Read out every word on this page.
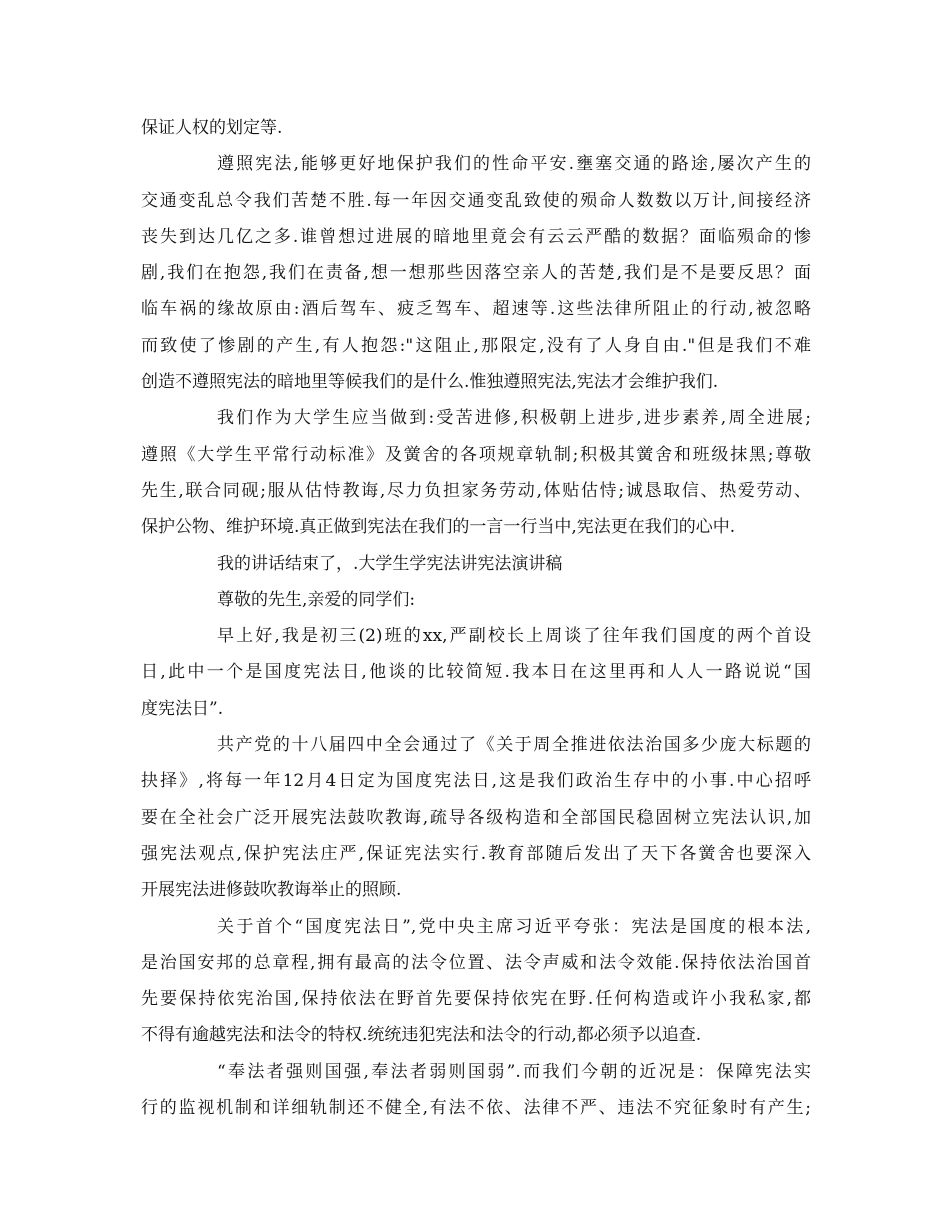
保证人权的划定等.
遵照宪法,能够更好地保护我们的性命平安.壅塞交通的路途,屡次产生的
交通变乱总令我们苦楚不胜.每一年因交通变乱致使的殒命人数数以万计,间接经济
丧失到达几亿之多.谁曾想过进展的暗地里竟会有云云严酷的数据？面临殒命的惨
剧,我们在抱怨,我们在责备,想一想那些因落空亲人的苦楚,我们是不是要反思？面
临车祸的缘故原由:酒后驾车、疲乏驾车、超速等.这些法律所阻止的行动,被忽略
而致使了惨剧的产生,有人抱怨:"这阻止,那限定,没有了人身自由."但是我们不难
创造不遵照宪法的暗地里等候我们的是什么.惟独遵照宪法,宪法才会维护我们.
我们作为大学生应当做到:受苦进修,积极朝上进步,进步素养,周全进展;
遵照《大学生平常行动标准》及黉舍的各项规章轨制;积极其黉舍和班级抹黑;尊敬
先生,联合同砚;服从估恃教诲,尽力负担家务劳动,体贴估恃;诚恳取信、热爱劳动、
保护公物、维护环境.真正做到宪法在我们的一言一行当中,宪法更在我们的心中.
我的讲话结束了，.大学生学宪法讲宪法演讲稿
尊敬的先生,亲爱的同学们:
早上好,我是初三(2)班的xx,严副校长上周谈了往年我们国度的两个首设
日,此中一个是国度宪法日,他谈的比较简短.我本日在这里再和人人一路说说“国
度宪法日”.
共产党的十八届四中全会通过了《关于周全推进依法治国多少庞大标题的
抉择》,将每一年12月4日定为国度宪法日,这是我们政治生存中的小事.中心招呼
要在全社会广泛开展宪法鼓吹教诲,疏导各级构造和全部国民稳固树立宪法认识,加
强宪法观点,保护宪法庄严,保证宪法实行.教育部随后发出了天下各黉舍也要深入
开展宪法进修鼓吹教诲举止的照顾.
关于首个“国度宪法日”,党中央主席习近平夸张：宪法是国度的根本法,
是治国安邦的总章程,拥有最高的法令位置、法令声威和法令效能.保持依法治国首
先要保持依宪治国,保持依法在野首先要保持依宪在野.任何构造或许小我私家,都
不得有逾越宪法和法令的特权.统统违犯宪法和法令的行动,都必须予以追查.
“奉法者强则国强,奉法者弱则国弱”.而我们今朝的近况是：保障宪法实
行的监视机制和详细轨制还不健全,有法不依、法律不严、违法不究征象时有产生;
